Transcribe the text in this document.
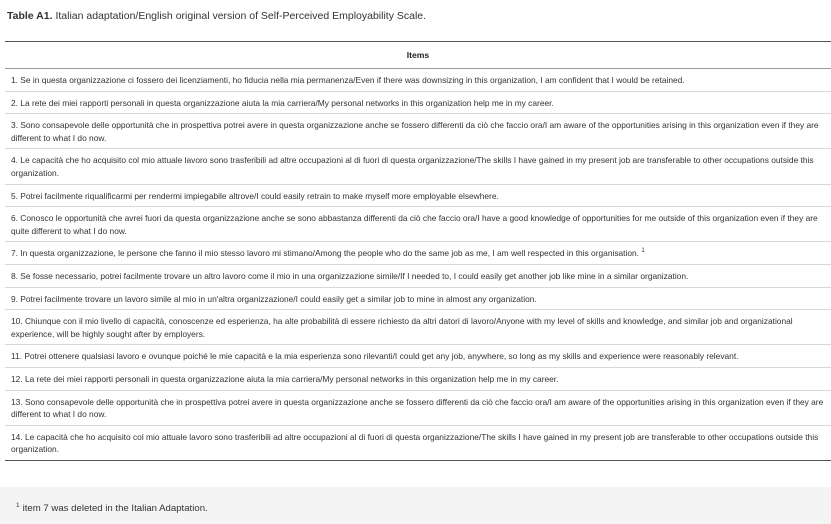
Table A1. Italian adaptation/English original version of Self-Perceived Employability Scale.
Items
1. Se in questa organizzazione ci fossero dei licenziamenti, ho fiducia nella mia permanenza/Even if there was downsizing in this organization, I am confident that I would be retained.
2. La rete dei miei rapporti personali in questa organizzazione aiuta la mia carriera/My personal networks in this organization help me in my career.
3. Sono consapevole delle opportunità che in prospettiva potrei avere in questa organizzazione anche se fossero differenti da ciò che faccio ora/I am aware of the opportunities arising in this organization even if they are different to what I do now.
4. Le capacità che ho acquisito col mio attuale lavoro sono trasferibili ad altre occupazioni al di fuori di questa organizzazione/The skills I have gained in my present job are transferable to other occupations outside this organization.
5. Potrei facilmente riqualificarmi per rendermi impiegabile altrove/I could easily retrain to make myself more employable elsewhere.
6. Conosco le opportunità che avrei fuori da questa organizzazione anche se sono abbastanza differenti da ciò che faccio ora/I have a good knowledge of opportunities for me outside of this organization even if they are quite different to what I do now.
7. In questa organizzazione, le persone che fanno il mio stesso lavoro mi stimano/Among the people who do the same job as me, I am well respected in this organisation. $^1$
8. Se fosse necessario, potrei facilmente trovare un altro lavoro come il mio in una organizzazione simile/If I needed to, I could easily get another job like mine in a similar organization.
9. Potrei facilmente trovare un lavoro simile al mio in un'altra organizzazione/I could easily get a similar job to mine in almost any organization.
10. Chiunque con il mio livello di capacità, conoscenze ed esperienza, ha alte probabilità di essere richiesto da altri datori di lavoro/Anyone with my level of skills and knowledge, and similar job and organizational experience, will be highly sought after by employers.
11. Potrei ottenere qualsiasi lavoro e ovunque poiché le mie capacità e la mia esperienza sono rilevanti/I could get any job, anywhere, so long as my skills and experience were reasonably relevant.
12. La rete dei miei rapporti personali in questa organizzazione aiuta la mia carriera/My personal networks in this organization help me in my career.
13. Sono consapevole delle opportunità che in prospettiva potrei avere in questa organizzazione anche se fossero differenti da ciò che faccio ora/I am aware of the opportunities arising in this organization even if they are different to what I do now.
14. Le capacità che ho acquisito col mio attuale lavoro sono trasferibili ad altre occupazioni al di fuori di questa organizzazione/The skills I have gained in my present job are transferable to other occupations outside this organization.
$^1$ item 7 was deleted in the Italian Adaptation.
